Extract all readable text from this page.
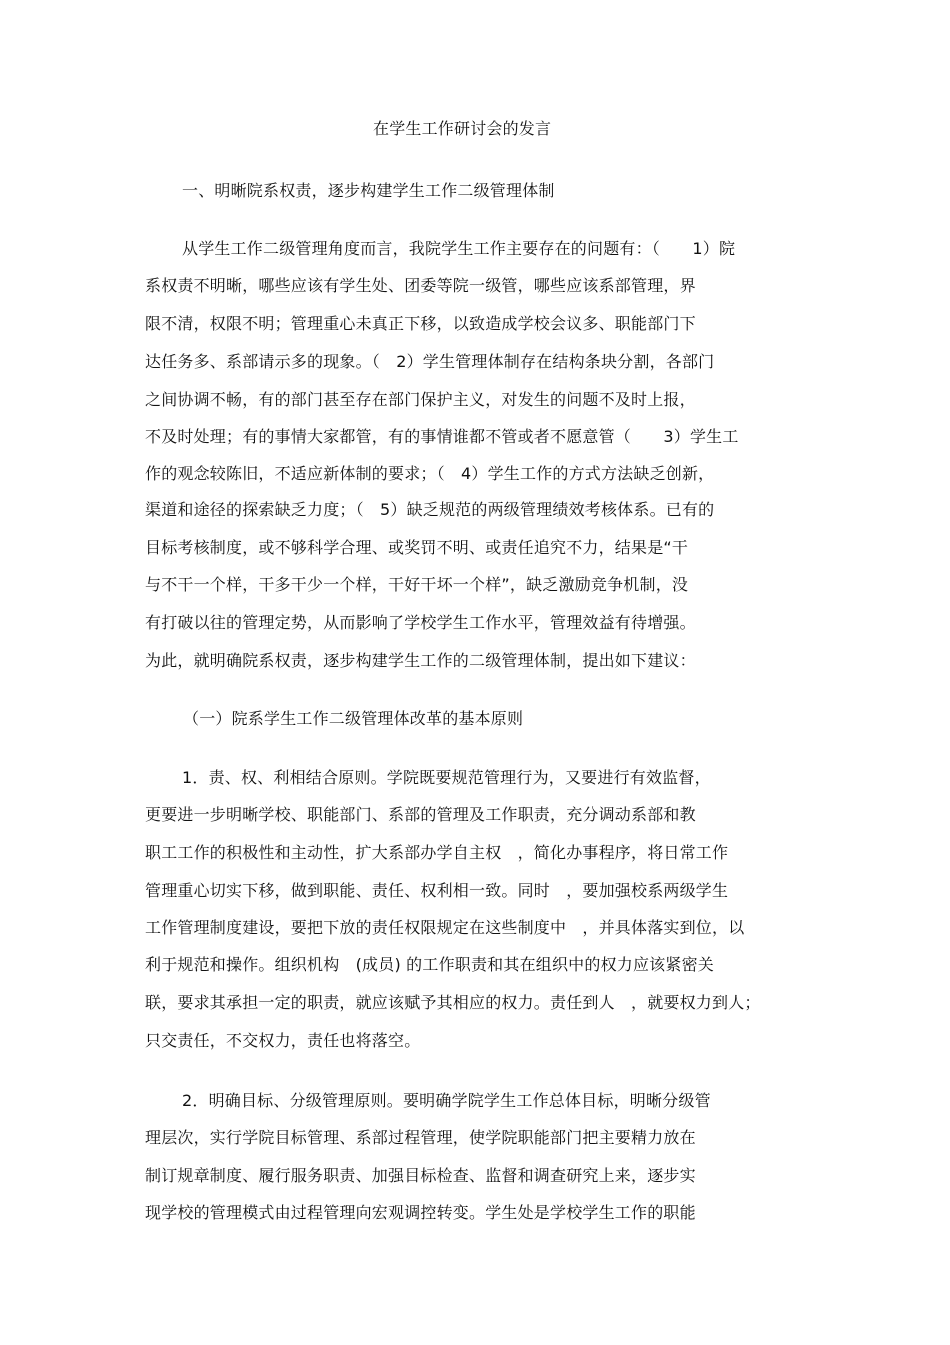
在学生工作研讨会的发言
一、明晰院系权责，逐步构建学生工作二级管理体制
从学生工作二级管理角度而言，我院学生工作主要存在的问题有：（　　1）院
系权责不明晰，哪些应该有学生处、团委等院一级管，哪些应该系部管理，界
限不清，权限不明；管理重心未真正下移，以致造成学校会议多、职能部门下
达任务多、系部请示多的现象。（　2）学生管理体制存在结构条块分割，各部门
之间协调不畅，有的部门甚至存在部门保护主义，对发生的问题不及时上报，
不及时处理；有的事情大家都管，有的事情谁都不管或者不愿意管（　　3）学生工
作的观念较陈旧，不适应新体制的要求；（　4）学生工作的方式方法缺乏创新，
渠道和途径的探索缺乏力度；（　5）缺乏规范的两级管理绩效考核体系。已有的
目标考核制度，或不够科学合理、或奖罚不明、或责任追究不力，结果是“干
与不干一个样，干多干少一个样，干好干坏一个样”，缺乏激励竞争机制，没
有打破以往的管理定势，从而影响了学校学生工作水平，管理效益有待增强。
为此，就明确院系权责，逐步构建学生工作的二级管理体制，提出如下建议：
（一）院系学生工作二级管理体改革的基本原则
1．责、权、利相结合原则。学院既要规范管理行为，又要进行有效监督，
更要进一步明晰学校、职能部门、系部的管理及工作职责，充分调动系部和教
职工工作的积极性和主动性，扩大系部办学自主权　，简化办事程序，将日常工作
管理重心切实下移，做到职能、责任、权利相一致。同时　，要加强校系两级学生
工作管理制度建设，要把下放的责任权限规定在这些制度中　，并具体落实到位，以
利于规范和操作。组织机构　(成员) 的工作职责和其在组织中的权力应该紧密关
联，要求其承担一定的职责，就应该赋予其相应的权力。责任到人　，就要权力到人；
只交责任，不交权力，责任也将落空。
2．明确目标、分级管理原则。要明确学院学生工作总体目标，明晰分级管
理层次，实行学院目标管理、系部过程管理，使学院职能部门把主要精力放在
制订规章制度、履行服务职责、加强目标检查、监督和调查研究上来，逐步实
现学校的管理模式由过程管理向宏观调控转变。学生处是学校学生工作的职能
